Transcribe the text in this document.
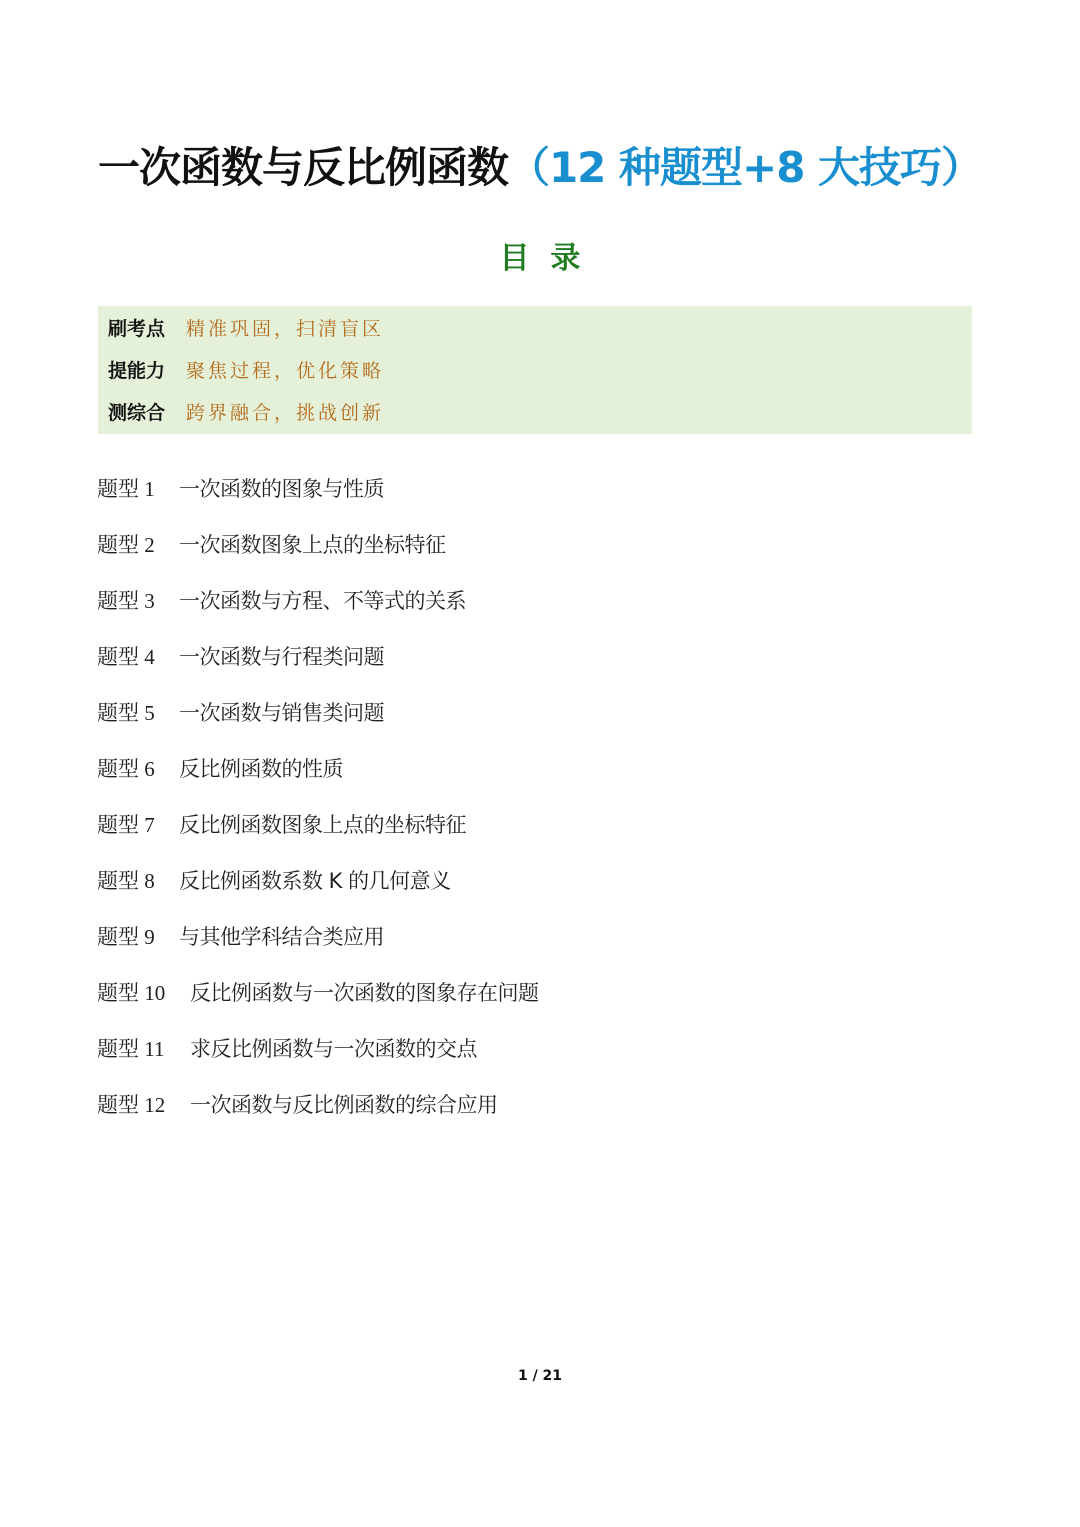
一次函数与反比例函数（12 种题型+8 大技巧）
目  录
刷考点	精准巩固，扫清盲区
提能力	聚焦过程，优化策略
测综合	跨界融合，挑战创新
题型 1	一次函数的图象与性质
题型 2	一次函数图象上点的坐标特征
题型 3	一次函数与方程、不等式的关系
题型 4	一次函数与行程类问题
题型 5	一次函数与销售类问题
题型 6	反比例函数的性质
题型 7	反比例函数图象上点的坐标特征
题型 8	反比例函数系数 K 的几何意义
题型 9	与其他学科结合类应用
题型 10	反比例函数与一次函数的图象存在问题
题型 11	求反比例函数与一次函数的交点
题型 12	一次函数与反比例函数的综合应用
1 / 21
